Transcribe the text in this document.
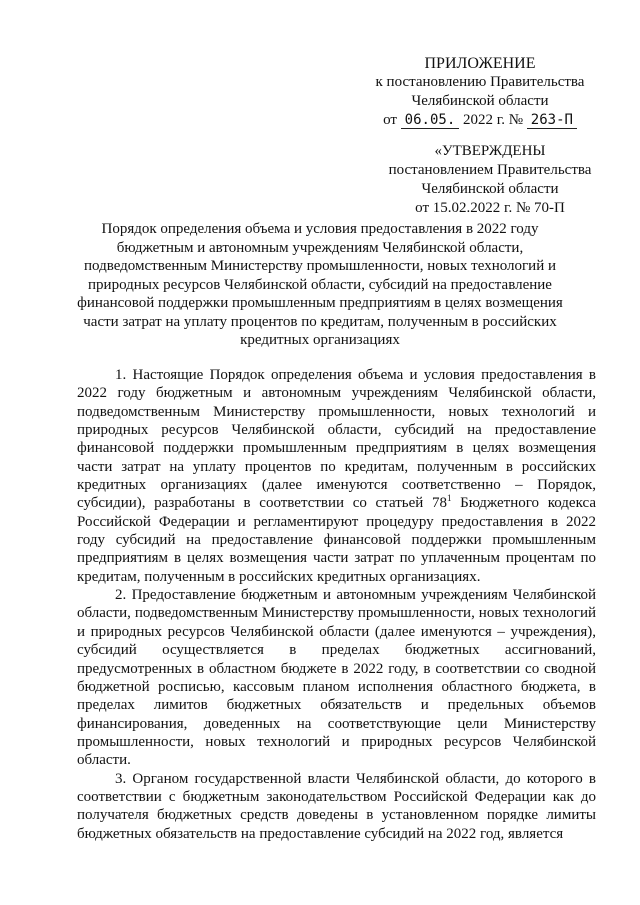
ПРИЛОЖЕНИЕ
к постановлению Правительства
Челябинской области
от 06.05. 2022 г. № 263-П
«УТВЕРЖДЕНЫ
постановлением Правительства
Челябинской области
от 15.02.2022 г. № 70-П
Порядок определения объема и условия предоставления в 2022 году
бюджетным и автономным учреждениям Челябинской области,
подведомственным Министерству промышленности, новых технологий и
природных ресурсов Челябинской области, субсидий на предоставление
финансовой поддержки промышленным предприятиям в целях возмещения
части затрат на уплату процентов по кредитам, полученным в российских
кредитных организациях

1. Настоящие Порядок определения объема и условия предоставления в 2022 году бюджетным и автономным учреждениям Челябинской области, подведомственным Министерству промышленности, новых технологий и природных ресурсов Челябинской области, субсидий на предоставление финансовой поддержки промышленным предприятиям в целях возмещения части затрат на уплату процентов по кредитам, полученным в российских кредитных организациях (далее именуются соответственно – Порядок, субсидии), разработаны в соответствии со статьей $78^1$ Бюджетного кодекса Российской Федерации и регламентируют процедуру предоставления в 2022 году субсидий на предоставление финансовой поддержки промышленным предприятиям в целях возмещения части затрат по уплаченным процентам по кредитам, полученным в российских кредитных организациях.

2. Предоставление бюджетным и автономным учреждениям Челябинской области, подведомственным Министерству промышленности, новых технологий и природных ресурсов Челябинской области (далее именуются – учреждения), субсидий осуществляется в пределах бюджетных ассигнований, предусмотренных в областном бюджете в 2022 году, в соответствии со сводной бюджетной росписью, кассовым планом исполнения областного бюджета, в пределах лимитов бюджетных обязательств и предельных объемов финансирования, доведенных на соответствующие цели Министерству промышленности, новых технологий и природных ресурсов Челябинской области.

3. Органом государственной власти Челябинской области, до которого в соответствии с бюджетным законодательством Российской Федерации как до получателя бюджетных средств доведены в установленном порядке лимиты бюджетных обязательств на предоставление субсидий на 2022 год, является
